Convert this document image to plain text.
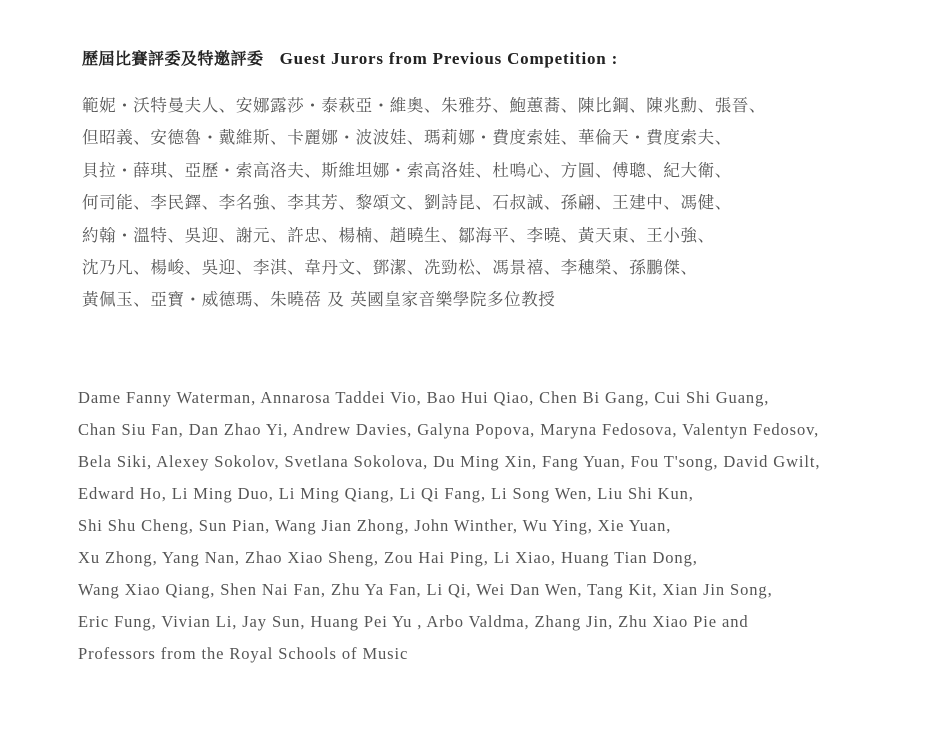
歷屆比賽評委及特邀評委 Guest Jurors from Previous Competition :
範妮・沃特曼夫人、安娜露莎・泰萩亞・維奧、朱雅芬、鮑蕙蕎、陳比鋼、陳兆勳、張晉、
但昭義、安德魯・戴維斯、卡麗娜・波波娃、瑪莉娜・費度索娃、華倫天・費度索夫、
貝拉・薛琪、亞歷・索高洛夫、斯維坦娜・索高洛娃、杜鳴心、方圓、傅聰、紀大衛、
何司能、李民鐸、李名強、李其芳、黎頌文、劉詩昆、石叔誠、孫翩、王建中、馮健、
約翰・溫特、吳迎、謝元、許忠、楊楠、趙曉生、鄒海平、李曉、黃天東、王小強、
沈乃凡、楊峻、吳迎、李淇、韋丹文、鄧潔、冼勁松、馮景禧、李穗榮、孫鵬傑、
黃佩玉、亞寶・威德瑪、朱曉蓓 及 英國皇家音樂學院多位教授
Dame Fanny Waterman, Annarosa Taddei Vio, Bao Hui Qiao, Chen Bi Gang, Cui Shi Guang,
Chan Siu Fan, Dan Zhao Yi, Andrew Davies, Galyna Popova, Maryna Fedosova, Valentyn Fedosov,
Bela Siki, Alexey Sokolov, Svetlana Sokolova, Du Ming Xin, Fang Yuan, Fou T'song, David Gwilt,
Edward Ho, Li Ming Duo, Li Ming Qiang, Li Qi Fang, Li Song Wen, Liu Shi Kun,
Shi Shu Cheng, Sun Pian, Wang Jian Zhong, John Winther, Wu Ying, Xie Yuan,
Xu Zhong, Yang Nan, Zhao Xiao Sheng, Zou Hai Ping, Li Xiao, Huang Tian Dong,
Wang Xiao Qiang, Shen Nai Fan, Zhu Ya Fan, Li Qi, Wei Dan Wen, Tang Kit, Xian Jin Song,
Eric Fung, Vivian Li, Jay Sun, Huang Pei Yu , Arbo Valdma, Zhang Jin, Zhu Xiao Pie and
Professors from the Royal Schools of Music
